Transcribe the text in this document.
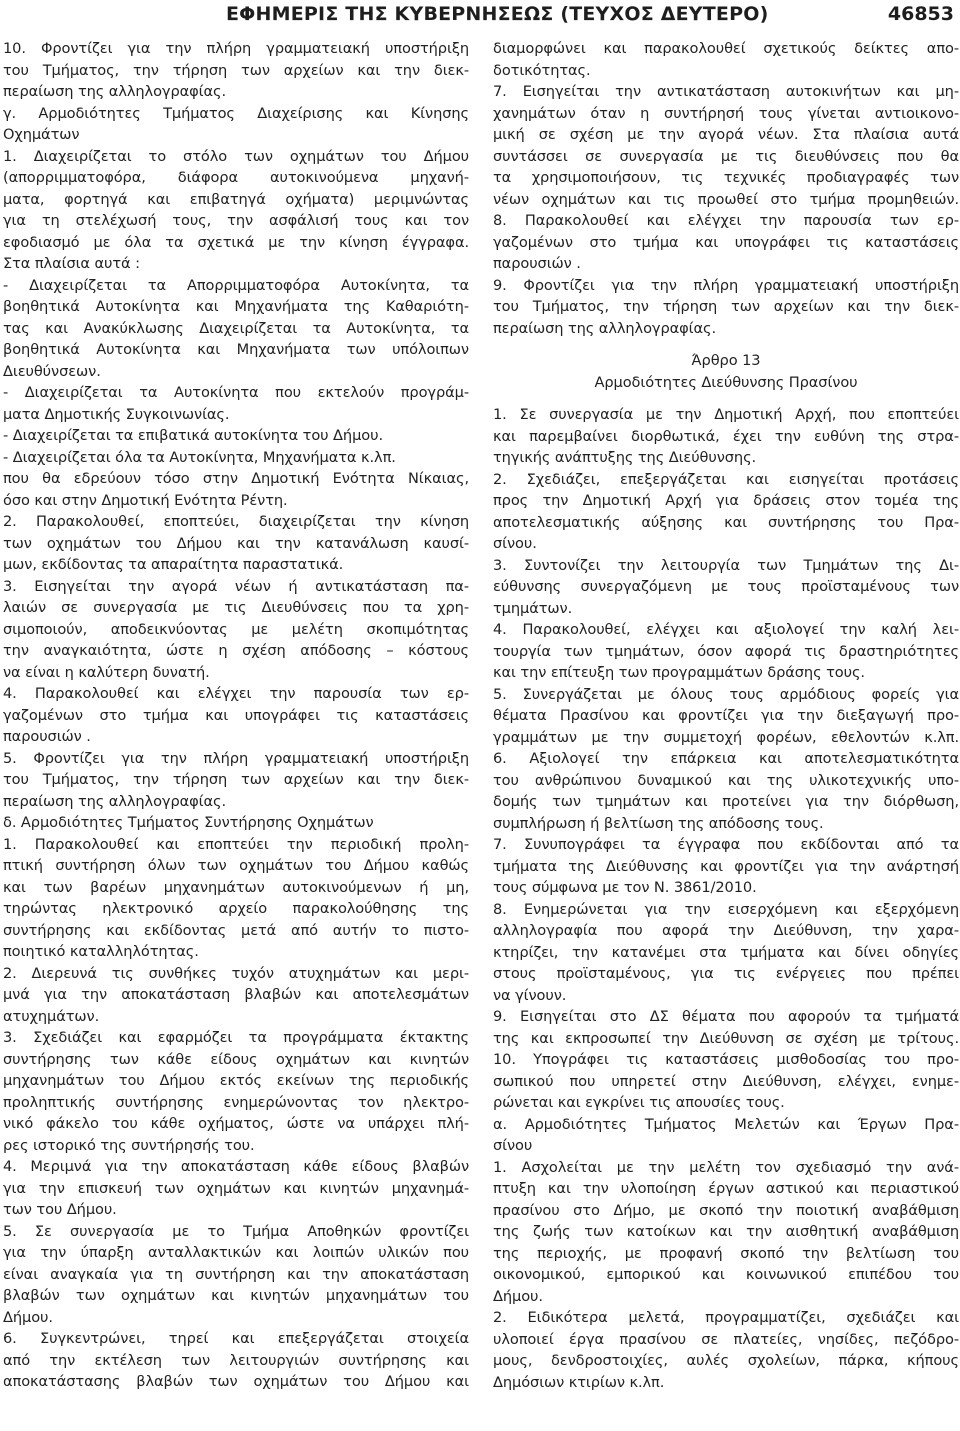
ΕΦΗΜΕΡΙΣ ΤΗΣ ΚΥΒΕΡΝΗΣΕΩΣ (ΤΕΥΧΟΣ ΔΕΥΤΕΡΟ)	46853
10. Φροντίζει για την πλήρη γραμματειακή υποστήριξη
του Τμήματος, την τήρηση των αρχείων και την διεκ-
περαίωση της αλληλογραφίας.
γ. Αρμοδιότητες Τμήματος Διαχείρισης και Κίνησης
Οχημάτων
1. Διαχειρίζεται το στόλο των οχημάτων του Δήμου
(απορριμματοφόρα, διάφορα αυτοκινούμενα μηχανή-
ματα, φορτηγά και επιβατηγά οχήματα) μεριμνώντας
για τη στελέχωσή τους, την ασφάλισή τους και τον
εφοδιασμό με όλα τα σχετικά με την κίνηση έγγραφα.
Στα πλαίσια αυτά :
- Διαχειρίζεται τα Απορριμματοφόρα Αυτοκίνητα, τα
βοηθητικά Αυτοκίνητα και Μηχανήματα της Καθαριότη-
τας και Ανακύκλωσης Διαχειρίζεται τα Αυτοκίνητα, τα
βοηθητικά Αυτοκίνητα και Μηχανήματα των υπόλοιπων
Διευθύνσεων.
- Διαχειρίζεται τα Αυτοκίνητα που εκτελούν προγράμ-
ματα Δημοτικής Συγκοινωνίας.
- Διαχειρίζεται τα επιβατικά αυτοκίνητα του Δήμου.
- Διαχειρίζεται όλα τα Αυτοκίνητα, Μηχανήματα κ.λπ.
που θα εδρεύουν τόσο στην Δημοτική Ενότητα Νίκαιας,
όσο και στην Δημοτική Ενότητα Ρέντη.
2. Παρακολουθεί, εποπτεύει, διαχειρίζεται την κίνηση
των οχημάτων του Δήμου και την κατανάλωση καυσί-
μων, εκδίδοντας τα απαραίτητα παραστατικά.
3. Εισηγείται την αγορά νέων ή αντικατάσταση πα-
λαιών σε συνεργασία με τις Διευθύνσεις που τα χρη-
σιμοποιούν, αποδεικνύοντας με μελέτη σκοπιμότητας
την αναγκαιότητα, ώστε η σχέση απόδοσης – κόστους
να είναι η καλύτερη δυνατή.
4. Παρακολουθεί και ελέγχει την παρουσία των ερ-
γαζομένων στο τμήμα και υπογράφει τις καταστάσεις
παρουσιών .
5. Φροντίζει για την πλήρη γραμματειακή υποστήριξη
του Τμήματος, την τήρηση των αρχείων και την διεκ-
περαίωση της αλληλογραφίας.
δ. Αρμοδιότητες Τμήματος Συντήρησης Οχημάτων
1. Παρακολουθεί και εποπτεύει την περιοδική προλη-
πτική συντήρηση όλων των οχημάτων του Δήμου καθώς
και των βαρέων μηχανημάτων αυτοκινούμενων ή μη,
τηρώντας ηλεκτρονικό αρχείο παρακολούθησης της
συντήρησης και εκδίδοντας μετά από αυτήν το πιστο-
ποιητικό καταλληλότητας.
2. Διερευνά τις συνθήκες τυχόν ατυχημάτων και μερι-
μνά για την αποκατάσταση βλαβών και αποτελεσμάτων
ατυχημάτων.
3. Σχεδιάζει και εφαρμόζει τα προγράμματα έκτακτης
συντήρησης των κάθε είδους οχημάτων και κινητών
μηχανημάτων του Δήμου εκτός εκείνων της περιοδικής
προληπτικής συντήρησης ενημερώνοντας τον ηλεκτρο-
νικό φάκελο του κάθε οχήματος, ώστε να υπάρχει πλή-
ρες ιστορικό της συντήρησής του.
4. Μεριμνά για την αποκατάσταση κάθε είδους βλαβών
για την επισκευή των οχημάτων και κινητών μηχανημά-
των του Δήμου.
5. Σε συνεργασία με το Τμήμα Αποθηκών φροντίζει
για την ύπαρξη ανταλλακτικών και λοιπών υλικών που
είναι αναγκαία για τη συντήρηση και την αποκατάσταση
βλαβών των οχημάτων και κινητών μηχανημάτων του
Δήμου.
6. Συγκεντρώνει, τηρεί και επεξεργάζεται στοιχεία
από την εκτέλεση των λειτουργιών συντήρησης και
αποκατάστασης βλαβών των οχημάτων του Δήμου και
διαμορφώνει και παρακολουθεί σχετικούς δείκτες απο-
δοτικότητας.
7. Εισηγείται την αντικατάσταση αυτοκινήτων και μη-
χανημάτων όταν η συντήρησή τους γίνεται αντιοικονο-
μική σε σχέση με την αγορά νέων. Στα πλαίσια αυτά
συντάσσει σε συνεργασία με τις διευθύνσεις που θα
τα χρησιμοποιήσουν, τις τεχνικές προδιαγραφές των
νέων οχημάτων και τις προωθεί στο τμήμα προμηθειών.
8. Παρακολουθεί και ελέγχει την παρουσία των ερ-
γαζομένων στο τμήμα και υπογράφει τις καταστάσεις
παρουσιών .
9. Φροντίζει για την πλήρη γραμματειακή υποστήριξη
του Τμήματος, την τήρηση των αρχείων και την διεκ-
περαίωση της αλληλογραφίας.
Άρθρο 13
Αρμοδιότητες Διεύθυνσης Πρασίνου
1. Σε συνεργασία με την Δημοτική Αρχή, που εποπτεύει
και παρεμβαίνει διορθωτικά, έχει την ευθύνη της στρα-
τηγικής ανάπτυξης της Διεύθυνσης.
2. Σχεδιάζει, επεξεργάζεται και εισηγείται προτάσεις
προς την Δημοτική Αρχή για δράσεις στον τομέα της
αποτελεσματικής αύξησης και συντήρησης του Πρα-
σίνου.
3. Συντονίζει την λειτουργία των Τμημάτων της Δι-
εύθυνσης συνεργαζόμενη με τους προϊσταμένους των
τμημάτων.
4. Παρακολουθεί, ελέγχει και αξιολογεί την καλή λει-
τουργία των τμημάτων, όσον αφορά τις δραστηριότητες
και την επίτευξη των προγραμμάτων δράσης τους.
5. Συνεργάζεται με όλους τους αρμόδιους φορείς για
θέματα Πρασίνου και φροντίζει για την διεξαγωγή προ-
γραμμάτων με την συμμετοχή φορέων, εθελοντών κ.λπ.
6. Αξιολογεί την επάρκεια και αποτελεσματικότητα
του ανθρώπινου δυναμικού και της υλικοτεχνικής υπο-
δομής των τμημάτων και προτείνει για την διόρθωση,
συμπλήρωση ή βελτίωση της απόδοσης τους.
7. Συνυπογράφει τα έγγραφα που εκδίδονται από τα
τμήματα της Διεύθυνσης και φροντίζει για την ανάρτησή
τους σύμφωνα με τον Ν. 3861/2010.
8. Ενημερώνεται για την εισερχόμενη και εξερχόμενη
αλληλογραφία που αφορά την Διεύθυνση, την χαρα-
κτηρίζει, την κατανέμει στα τμήματα και δίνει οδηγίες
στους προϊσταμένους, για τις ενέργειες που πρέπει
να γίνουν.
9. Εισηγείται στο ΔΣ θέματα που αφορούν τα τμήματά
της και εκπροσωπεί την Διεύθυνση σε σχέση με τρίτους.
10. Υπογράφει τις καταστάσεις μισθοδοσίας του προ-
σωπικού που υπηρετεί στην Διεύθυνση, ελέγχει, ενημε-
ρώνεται και εγκρίνει τις απουσίες τους.
α. Αρμοδιότητες Τμήματος Μελετών και Έργων Πρα-
σίνου
1. Ασχολείται με την μελέτη τον σχεδιασμό την ανά-
πτυξη και την υλοποίηση έργων αστικού και περιαστικού
πρασίνου στο Δήμο, με σκοπό την ποιοτική αναβάθμιση
της ζωής των κατοίκων και την αισθητική αναβάθμιση
της περιοχής, με προφανή σκοπό την βελτίωση του
οικονομικού, εμπορικού και κοινωνικού επιπέδου του
Δήμου.
2. Ειδικότερα μελετά, προγραμματίζει, σχεδιάζει και
υλοποιεί έργα πρασίνου σε πλατείες, νησίδες, πεζόδρο-
μους, δενδροστοιχίες, αυλές σχολείων, πάρκα, κήπους
Δημόσιων κτιρίων κ.λπ.
